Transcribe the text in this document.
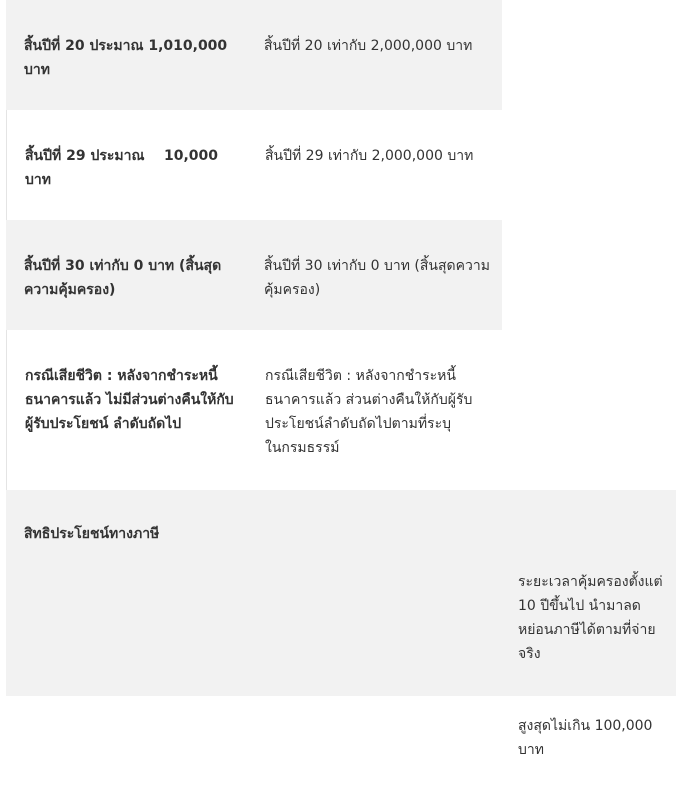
สิ้นปีที่ 20 ประมาณ 1,010,000 บาท
สิ้นปีที่ 20 เท่ากับ 2,000,000 บาท
สิ้นปีที่ 29 ประมาณ    10,000 บาท
สิ้นปีที่ 29 เท่ากับ 2,000,000 บาท
สิ้นปีที่ 30 เท่ากับ 0 บาท (สิ้นสุดความคุ้มครอง)
สิ้นปีที่ 30 เท่ากับ 0 บาท (สิ้นสุดความคุ้มครอง)
กรณีเสียชีวิต : หลังจากชำระหนี้ธนาคารแล้ว ไม่มีส่วนต่างคืนให้กับผู้รับประโยชน์ ลำดับถัดไป
กรณีเสียชีวิต : หลังจากชำระหนี้ธนาคารแล้ว ส่วนต่างคืนให้กับผู้รับประโยชน์ลำดับถัดไปตามที่ระบุในกรมธรรม์
สิทธิประโยชน์ทางภาษี

ระยะเวลาคุ้มครองตั้งแต่ 10 ปีขึ้นไป นำมาลดหย่อนภาษีได้ตามที่จ่ายจริง

สูงสุดไม่เกิน 100,000 บาท
